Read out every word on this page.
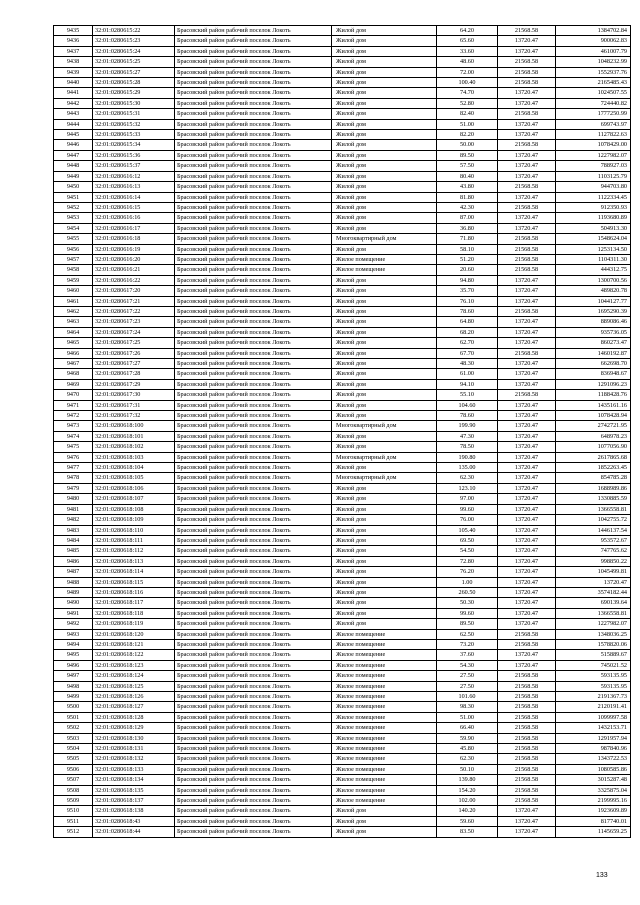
9435	32:01:0280615:22	Брасовский район рабочий поселок Локоть	Жилой дом	64.20	21568.58	1384702.84
9436	32:01:0280615:23	Брасовский район рабочий поселок Локоть	Жилой дом	65.60	13720.47	900062.83
9437	32:01:0280615:24	Брасовский район рабочий поселок Локоть	Жилой дом	33.60	13720.47	461007.79
9438	32:01:0280615:25	Брасовский район рабочий поселок Локоть	Жилой дом	48.60	21568.58	1048232.99
9439	32:01:0280615:27	Брасовский район рабочий поселок Локоть	Жилой дом	72.00	21568.58	1552937.76
9440	32:01:0280615:28	Брасовский район рабочий поселок Локоть	Жилой дом	100.40	21568.58	2165485.43
9441	32:01:0280615:29	Брасовский район рабочий поселок Локоть	Жилой дом	74.70	13720.47	1024507.55
9442	32:01:0280615:30	Брасовский район рабочий поселок Локоть	Жилой дом	52.80	13720.47	724440.82
9443	32:01:0280615:31	Брасовский район рабочий поселок Локоть	Жилой дом	82.40	21568.58	1777250.99
9444	32:01:0280615:32	Брасовский район рабочий поселок Локоть	Жилой дом	51.00	13720.47	699743.97
9445	32:01:0280615:33	Брасовский район рабочий поселок Локоть	Жилой дом	82.20	13720.47	1127822.63
9446	32:01:0280615:34	Брасовский район рабочий поселок Локоть	Жилой дом	50.00	21568.58	1078429.00
9447	32:01:0280615:36	Брасовский район рабочий поселок Локоть	Жилой дом	89.50	13720.47	1227982.07
9448	32:01:0280615:37	Брасовский район рабочий поселок Локоть	Жилой дом	57.50	13720.47	788927.03
9449	32:01:0280616:12	Брасовский район рабочий поселок Локоть	Жилой дом	80.40	13720.47	1103125.79
9450	32:01:0280616:13	Брасовский район рабочий поселок Локоть	Жилой дом	43.80	21568.58	944703.80
9451	32:01:0280616:14	Брасовский район рабочий поселок Локоть	Жилой дом	81.80	13720.47	1122334.45
9452	32:01:0280616:15	Брасовский район рабочий поселок Локоть	Жилой дом	42.30	21568.58	912350.93
9453	32:01:0280616:16	Брасовский район рабочий поселок Локоть	Жилой дом	87.00	13720.47	1193680.89
9454	32:01:0280616:17	Брасовский район рабочий поселок Локоть	Жилой дом	36.80	13720.47	504913.30
9455	32:01:0280616:18	Брасовский район рабочий поселок Локоть	Многоквартирный дом	71.80	21568.58	1548624.04
9456	32:01:0280616:19	Брасовский район рабочий поселок Локоть	Жилой дом	58.10	21568.58	1253134.50
9457	32:01:0280616:20	Брасовский район рабочий поселок Локоть	Жилое помещение	51.20	21568.58	1104311.30
9458	32:01:0280616:21	Брасовский район рабочий поселок Локоть	Жилое помещение	20.60	21568.58	444312.75
9459	32:01:0280616:22	Брасовский район рабочий поселок Локоть	Жилой дом	94.80	13720.47	1300700.56
9460	32:01:0280617:20	Брасовский район рабочий поселок Локоть	Жилой дом	35.70	13720.47	489820.78
9461	32:01:0280617:21	Брасовский район рабочий поселок Локоть	Жилой дом	76.10	13720.47	1044127.77
9462	32:01:0280617:22	Брасовский район рабочий поселок Локоть	Жилой дом	78.60	21568.58	1695290.39
9463	32:01:0280617:23	Брасовский район рабочий поселок Локоть	Жилой дом	64.80	13720.47	889086.46
9464	32:01:0280617:24	Брасовский район рабочий поселок Локоть	Жилой дом	68.20	13720.47	935736.05
9465	32:01:0280617:25	Брасовский район рабочий поселок Локоть	Жилой дом	62.70	13720.47	860273.47
9466	32:01:0280617:26	Брасовский район рабочий поселок Локоть	Жилой дом	67.70	21568.58	1460192.87
9467	32:01:0280617:27	Брасовский район рабочий поселок Локоть	Жилой дом	48.30	13720.47	662698.70
9468	32:01:0280617:28	Брасовский район рабочий поселок Локоть	Жилой дом	61.00	13720.47	836948.67
9469	32:01:0280617:29	Брасовский район рабочий поселок Локоть	Жилой дом	94.10	13720.47	1291096.23
9470	32:01:0280617:30	Брасовский район рабочий поселок Локоть	Жилой дом	55.10	21568.58	1188428.76
9471	32:01:0280617:31	Брасовский район рабочий поселок Локоть	Жилой дом	104.60	13720.47	1435161.16
9472	32:01:0280617:32	Брасовский район рабочий поселок Локоть	Жилой дом	78.60	13720.47	1078428.94
9473	32:01:0280618:100	Брасовский район рабочий поселок Локоть	Многоквартирный дом	199.90	13720.47	2742721.95
9474	32:01:0280618:101	Брасовский район рабочий поселок Локоть	Жилой дом	47.30	13720.47	648978.23
9475	32:01:0280618:102	Брасовский район рабочий поселок Локоть	Жилой дом	78.50	13720.47	1077056.90
9476	32:01:0280618:103	Брасовский район рабочий поселок Локоть	Многоквартирный дом	190.80	13720.47	2617865.68
9477	32:01:0280618:104	Брасовский район рабочий поселок Локоть	Жилой дом	135.00	13720.47	1852263.45
9478	32:01:0280618:105	Брасовский район рабочий поселок Локоть	Многоквартирный дом	62.30	13720.47	854785.28
9479	32:01:0280618:106	Брасовский район рабочий поселок Локоть	Жилой дом	123.10	13720.47	1688989.86
9480	32:01:0280618:107	Брасовский район рабочий поселок Локоть	Жилой дом	97.00	13720.47	1330885.59
9481	32:01:0280618:108	Брасовский район рабочий поселок Локоть	Жилой дом	99.60	13720.47	1366558.81
9482	32:01:0280618:109	Брасовский район рабочий поселок Локоть	Жилой дом	76.00	13720.47	1042755.72
9483	32:01:0280618:110	Брасовский район рабочий поселок Локоть	Жилой дом	105.40	13720.47	1446137.54
9484	32:01:0280618:111	Брасовский район рабочий поселок Локоть	Жилой дом	69.50	13720.47	953572.67
9485	32:01:0280618:112	Брасовский район рабочий поселок Локоть	Жилой дом	54.50	13720.47	747765.62
9486	32:01:0280618:113	Брасовский район рабочий поселок Локоть	Жилой дом	72.80	13720.47	998850.22
9487	32:01:0280618:114	Брасовский район рабочий поселок Локоть	Жилой дом	76.20	13720.47	1045499.81
9488	32:01:0280618:115	Брасовский район рабочий поселок Локоть	Жилой дом	1.00	13720.47	13720.47
9489	32:01:0280618:116	Брасовский район рабочий поселок Локоть	Жилой дом	260.50	13720.47	3574182.44
9490	32:01:0280618:117	Брасовский район рабочий поселок Локоть	Жилой дом	50.30	13720.47	690139.64
9491	32:01:0280618:118	Брасовский район рабочий поселок Локоть	Жилой дом	99.60	13720.47	1366558.81
9492	32:01:0280618:119	Брасовский район рабочий поселок Локоть	Жилой дом	89.50	13720.47	1227982.07
9493	32:01:0280618:120	Брасовский район рабочий поселок Локоть	Жилое помещение	62.50	21568.58	1348036.25
9494	32:01:0280618:121	Брасовский район рабочий поселок Локоть	Жилое помещение	73.20	21568.58	1578820.06
9495	32:01:0280618:122	Брасовский район рабочий поселок Локоть	Жилое помещение	37.60	13720.47	515889.67
9496	32:01:0280618:123	Брасовский район рабочий поселок Локоть	Жилое помещение	54.30	13720.47	745021.52
9497	32:01:0280618:124	Брасовский район рабочий поселок Локоть	Жилое помещение	27.50	21568.58	593135.95
9498	32:01:0280618:125	Брасовский район рабочий поселок Локоть	Жилое помещение	27.50	21568.58	593135.95
9499	32:01:0280618:126	Брасовский район рабочий поселок Локоть	Жилое помещение	101.60	21568.58	2191367.73
9500	32:01:0280618:127	Брасовский район рабочий поселок Локоть	Жилое помещение	98.30	21568.58	2120191.41
9501	32:01:0280618:128	Брасовский район рабочий поселок Локоть	Жилое помещение	51.00	21568.58	1099997.58
9502	32:01:0280618:129	Брасовский район рабочий поселок Локоть	Жилое помещение	66.40	21568.58	1432153.71
9503	32:01:0280618:130	Брасовский район рабочий поселок Локоть	Жилое помещение	59.90	21568.58	1291957.94
9504	32:01:0280618:131	Брасовский район рабочий поселок Локоть	Жилое помещение	45.80	21568.58	987840.96
9505	32:01:0280618:132	Брасовский район рабочий поселок Локоть	Жилое помещение	62.30	21568.58	1343722.53
9506	32:01:0280618:133	Брасовский район рабочий поселок Локоть	Жилое помещение	50.10	21568.58	1080585.86
9507	32:01:0280618:134	Брасовский район рабочий поселок Локоть	Жилое помещение	139.80	21568.58	3015287.48
9508	32:01:0280618:135	Брасовский район рабочий поселок Локоть	Жилое помещение	154.20	21568.58	3325875.04
9509	32:01:0280618:137	Брасовский район рабочий поселок Локоть	Жилое помещение	102.00	21568.58	2199995.16
9510	32:01:0280618:138	Брасовский район рабочий поселок Локоть	Жилой дом	140.20	13720.47	1923609.89
9511	32:01:0280618:43	Брасовский район рабочий поселок Локоть	Жилой дом	59.60	13720.47	817740.01
9512	32:01:0280618:44	Брасовский район рабочий поселок Локоть	Жилой дом	83.50	13720.47	1145659.25
133
